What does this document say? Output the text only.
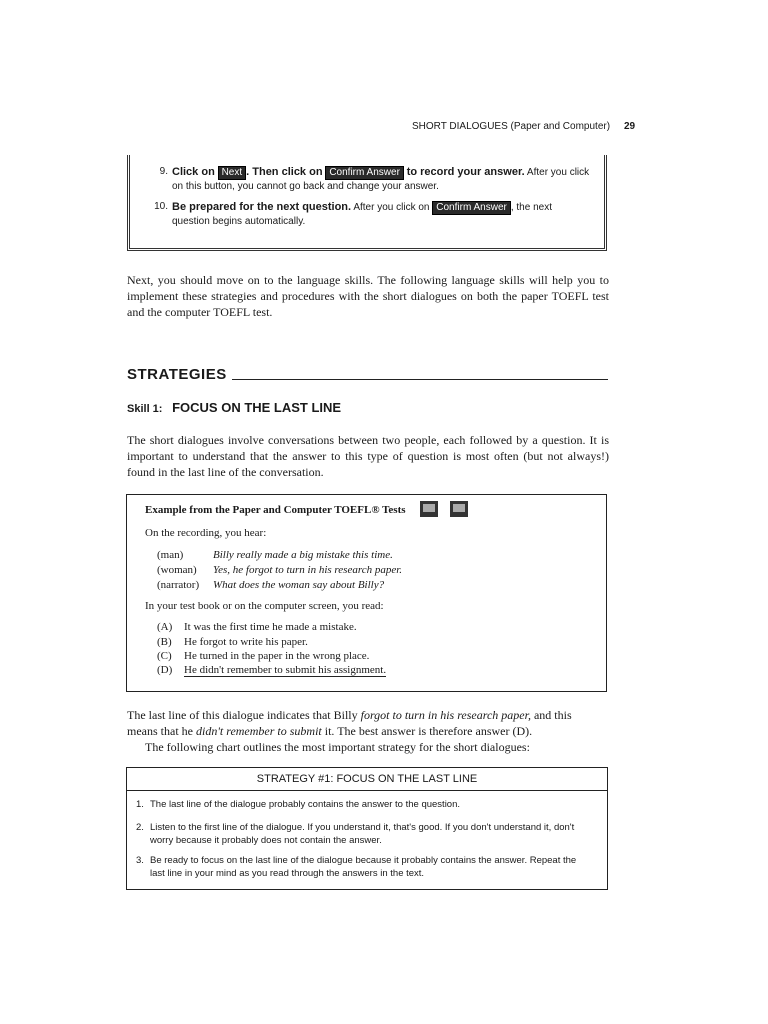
SHORT DIALOGUES (Paper and Computer) 29
9. Click on Next . Then click on Confirm Answer to record your answer. After you click on this button, you cannot go back and change your answer.
10. Be prepared for the next question. After you click on Confirm Answer , the next question begins automatically.
Next, you should move on to the language skills. The following language skills will help you to implement these strategies and procedures with the short dialogues on both the paper TOEFL test and the computer TOEFL test.
STRATEGIES
Skill 1: FOCUS ON THE LAST LINE
The short dialogues involve conversations between two people, each followed by a question. It is important to understand that the answer to this type of question is most often (but not always!) found in the last line of the conversation.
Example from the Paper and Computer TOEFL® Tests

On the recording, you hear:
(man)	Billy really made a big mistake this time.
(woman) Yes, he forgot to turn in his research paper.
(narrator) What does the woman say about Billy?
In your test book or on the computer screen, you read:
(A) It was the first time he made a mistake.
(B) He forgot to write his paper.
(C) He turned in the paper in the wrong place.
(D) He didn't remember to submit his assignment.
The last line of this dialogue indicates that Billy forgot to turn in his research paper, and this
means that he didn't remember to submit it. The best answer is therefore answer (D).
The following chart outlines the most important strategy for the short dialogues:
STRATEGY #1: FOCUS ON THE LAST LINE
1. The last line of the dialogue probably contains the answer to the question.
2. Listen to the first line of the dialogue. If you understand it, that's good. If you don't understand it, don't worry because it probably does not contain the answer.
3. Be ready to focus on the last line of the dialogue because it probably contains the answer. Repeat the last line in your mind as you read through the answers in the text.
